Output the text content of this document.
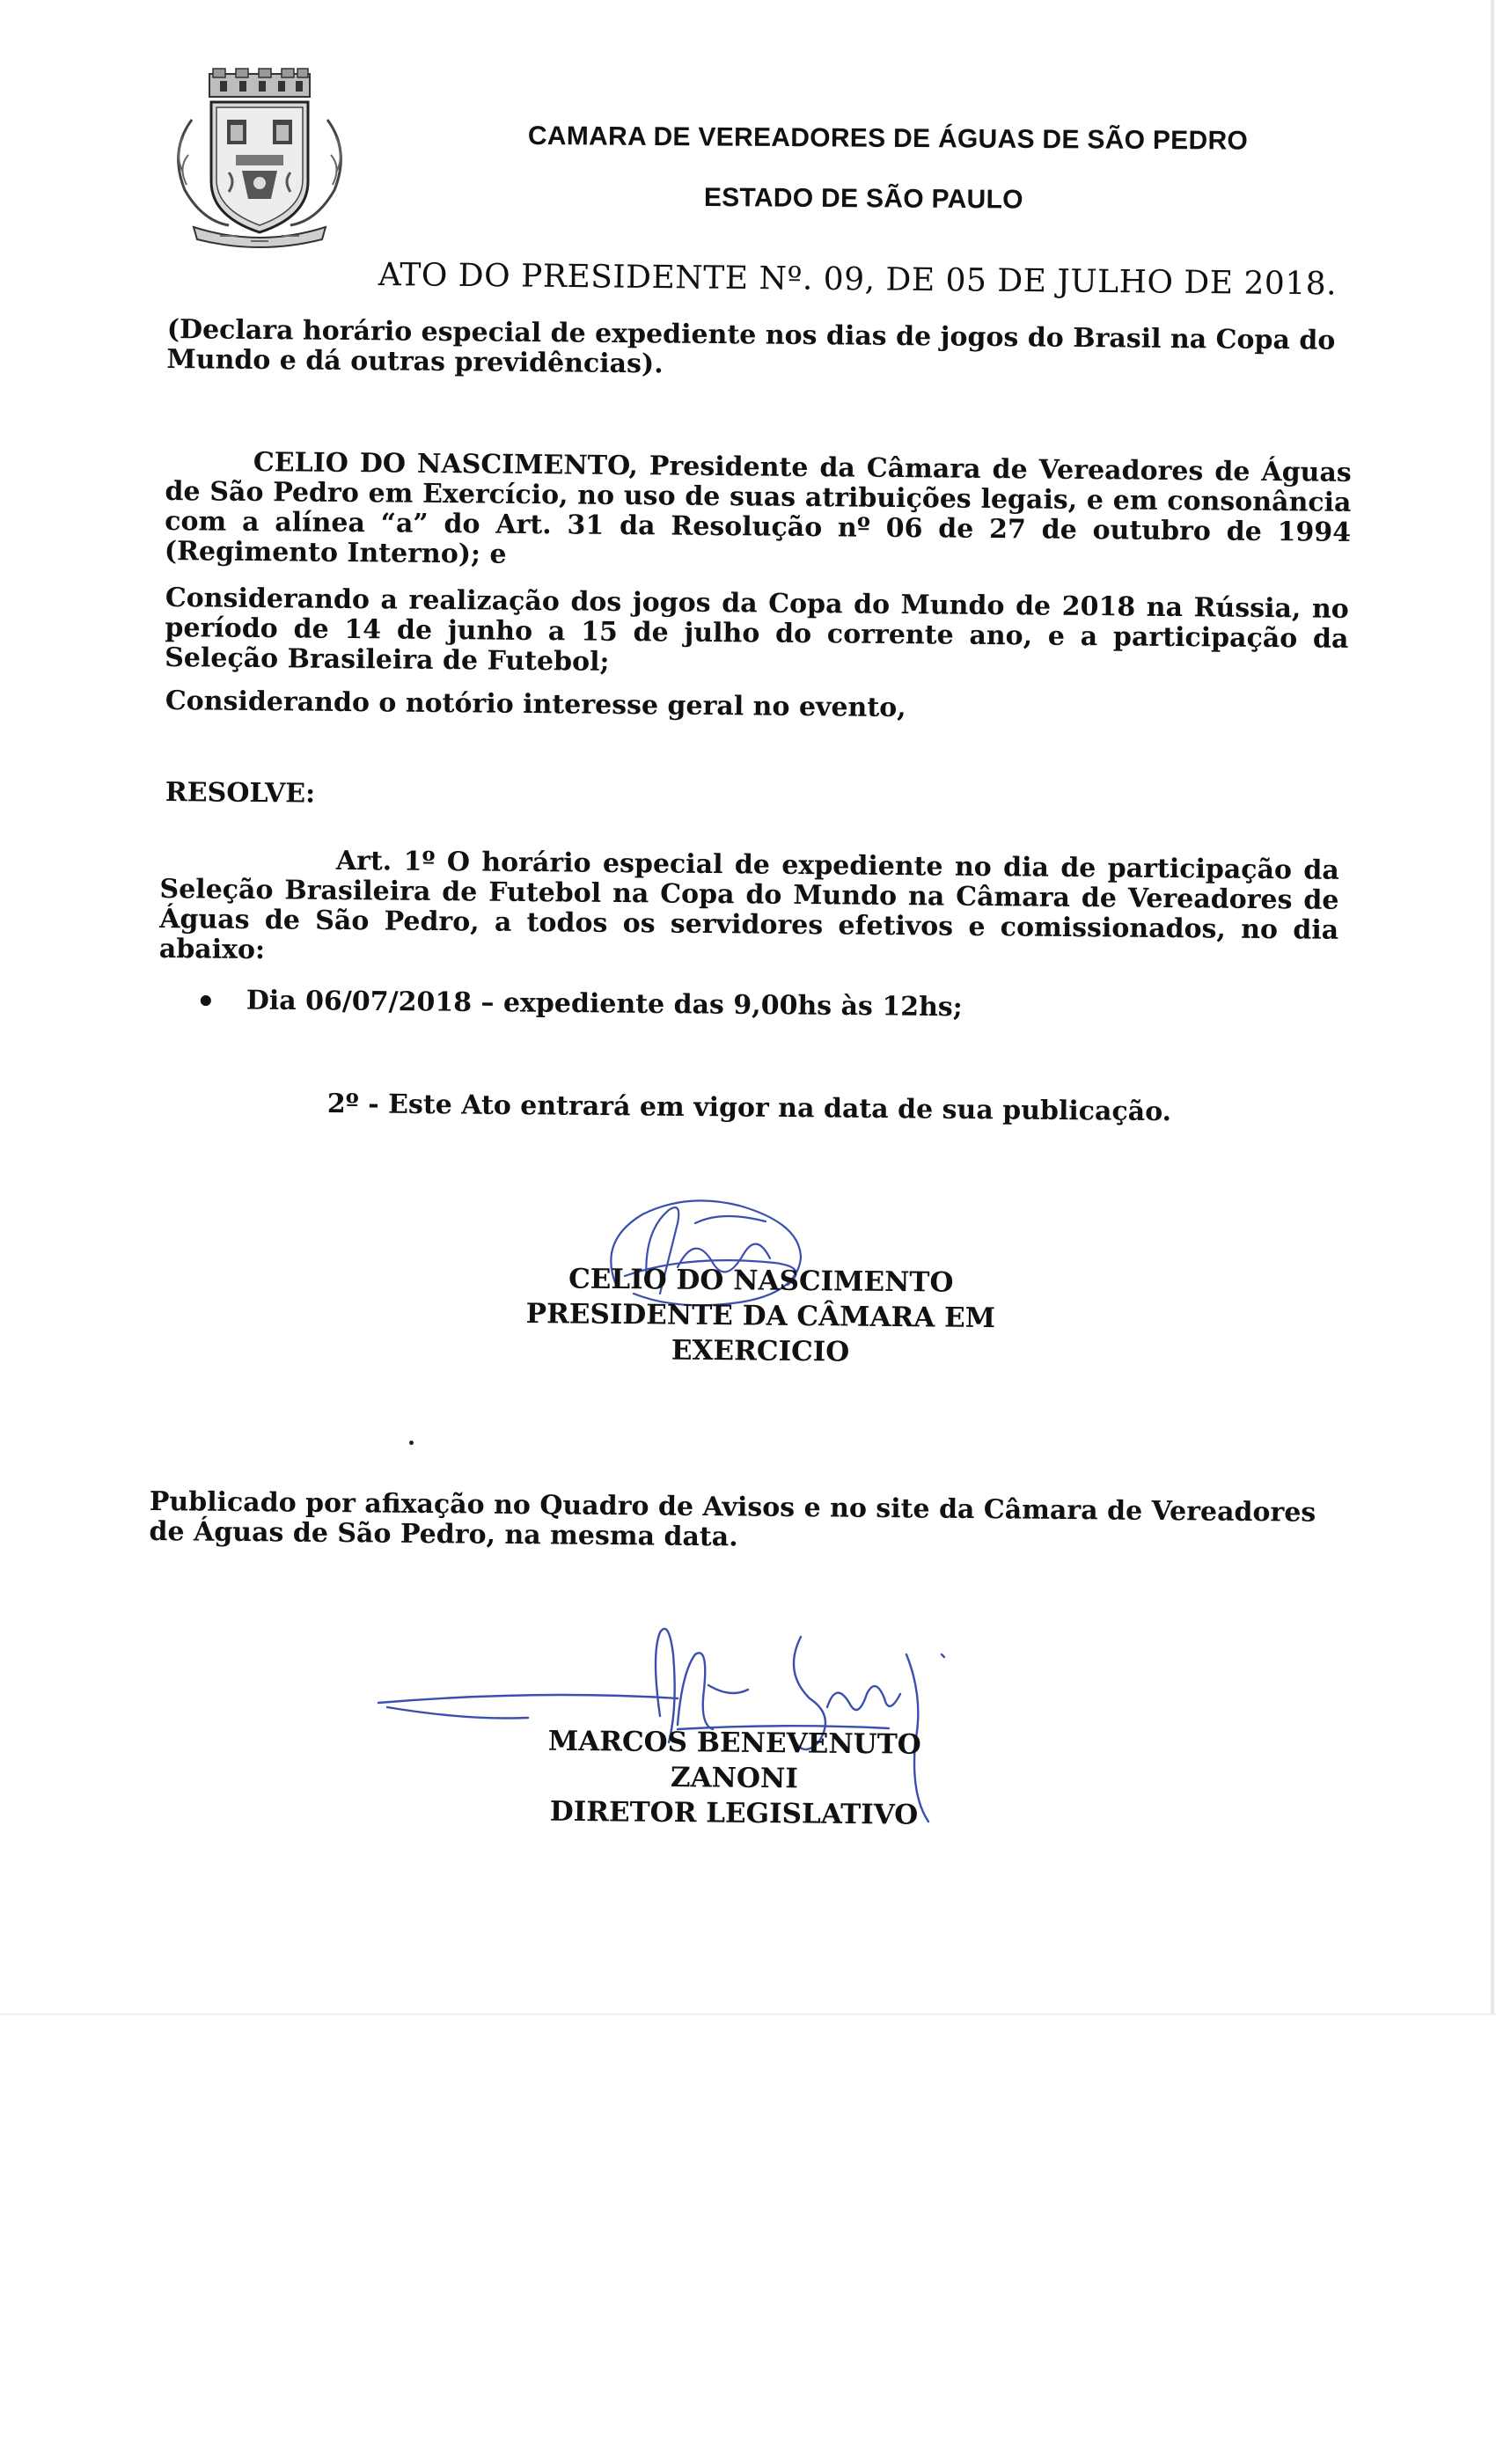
CAMARA DE VEREADORES DE ÁGUAS DE SÃO PEDRO
ESTADO DE SÃO PAULO
ATO DO PRESIDENTE Nº. 09, DE 05 DE JULHO DE 2018.

(Declara horário especial de expediente nos dias de jogos do Brasil na Copa do Mundo e dá outras previdências).

CELIO DO NASCIMENTO, Presidente da Câmara de Vereadores de Águas de São Pedro em Exercício, no uso de suas atribuições legais, e em consonância com a alínea “a” do Art. 31 da Resolução nº 06 de 27 de outubro de 1994 (Regimento Interno); e

Considerando a realização dos jogos da Copa do Mundo de 2018 na Rússia, no período de 14 de junho a 15 de julho do corrente ano, e a participação da Seleção Brasileira de Futebol;
Considerando o notório interesse geral no evento,
RESOLVE:

Art. 1º O horário especial de expediente no dia de participação da Seleção Brasileira de Futebol na Copa do Mundo na Câmara de Vereadores de Águas de São Pedro, a todos os servidores efetivos e comissionados, no dia abaixo:

Dia 06/07/2018 – expediente das 9,00hs às 12hs;
2º - Este Ato entrará em vigor na data de sua publicação.
CELIO DO NASCIMENTO
PRESIDENTE DA CÂMARA EM EXERCICIO
Publicado por afixação no Quadro de Avisos e no site da Câmara de Vereadores de Águas de São Pedro, na mesma data.
MARCOS BENEVENUTO ZANONI
DIRETOR LEGISLATIVO
